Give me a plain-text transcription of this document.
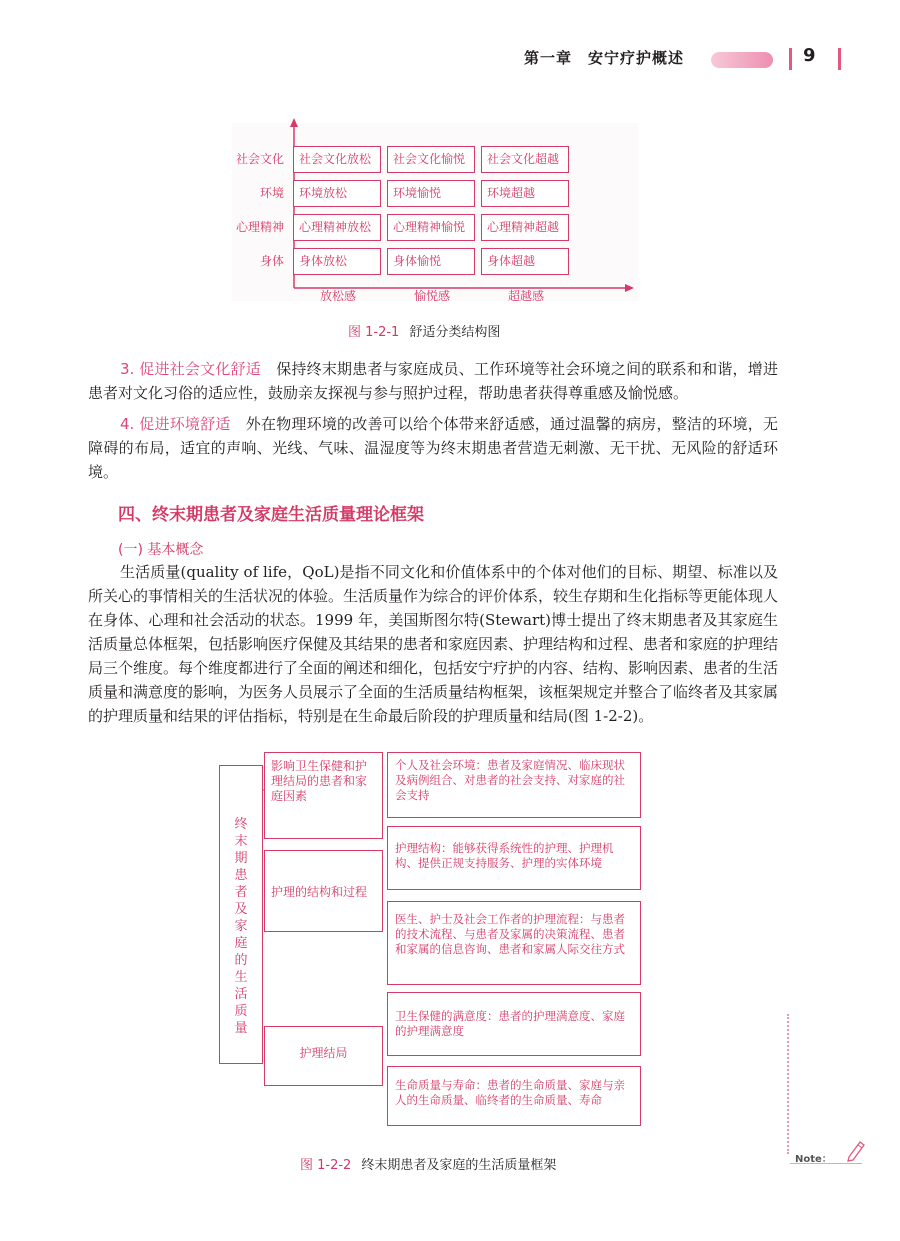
第一章　安宁疗护概述	9
社会文化
环境
心理精神
身体
社会文化放松	社会文化愉悦	社会文化超越
环境放松	环境愉悦	环境超越
心理精神放松	心理精神愉悦	心理精神超越
身体放松	身体愉悦	身体超越
放松感	愉悦感	超越感
图 1-2-1 舒适分类结构图
3. 促进社会文化舒适　 保持终末期患者与家庭成员、工作环境等社会环境之间的联系和和谐，增进患者对文化习俗的适应性，鼓励亲友探视与参与照护过程，帮助患者获得尊重感及愉悦感。
4. 促进环境舒适　 外在物理环境的改善可以给个体带来舒适感，通过温馨的病房，整洁的环境，无障碍的布局，适宜的声响、光线、气味、温湿度等为终末期患者营造无刺激、无干扰、无风险的舒适环境。
四、终末期患者及家庭生活质量理论框架
(一) 基本概念
生活质量(quality of life，QoL)是指不同文化和价值体系中的个体对他们的目标、期望、标准以及所关心的事情相关的生活状况的体验。生活质量作为综合的评价体系，较生存期和生化指标等更能体现人在身体、心理和社会活动的状态。1999 年，美国斯图尔特(Stewart)博士提出了终末期患者及其家庭生活质量总体框架，包括影响医疗保健及其结果的患者和家庭因素、护理结构和过程、患者和家庭的护理结局三个维度。每个维度都进行了全面的阐述和细化，包括安宁疗护的内容、结构、影响因素、患者的生活质量和满意度的影响，为医务人员展示了全面的生活质量结构框架，该框架规定并整合了临终者及其家属的护理质量和结果的评估指标，特别是在生命最后阶段的护理质量和结局(图 1-2-2)。
终末期患者及家庭的生活质量
影响卫生保健和护理结局的患者和家庭因素
护理的结构和过程
护理结局
个人及社会环境：患者及家庭情况、临床现状及病例组合、对患者的社会支持、对家庭的社会支持
护理结构：能够获得系统性的护理、护理机构、提供正规支持服务、护理的实体环境
医生、护士及社会工作者的护理流程：与患者的技术流程、与患者及家属的决策流程、患者和家属的信息咨询、患者和家属人际交往方式
卫生保健的满意度：患者的护理满意度、家庭的护理满意度
生命质量与寿命：患者的生命质量、家庭与亲人的生命质量、临终者的生命质量、寿命
图 1-2-2 终末期患者及家庭的生活质量框架	Note：
